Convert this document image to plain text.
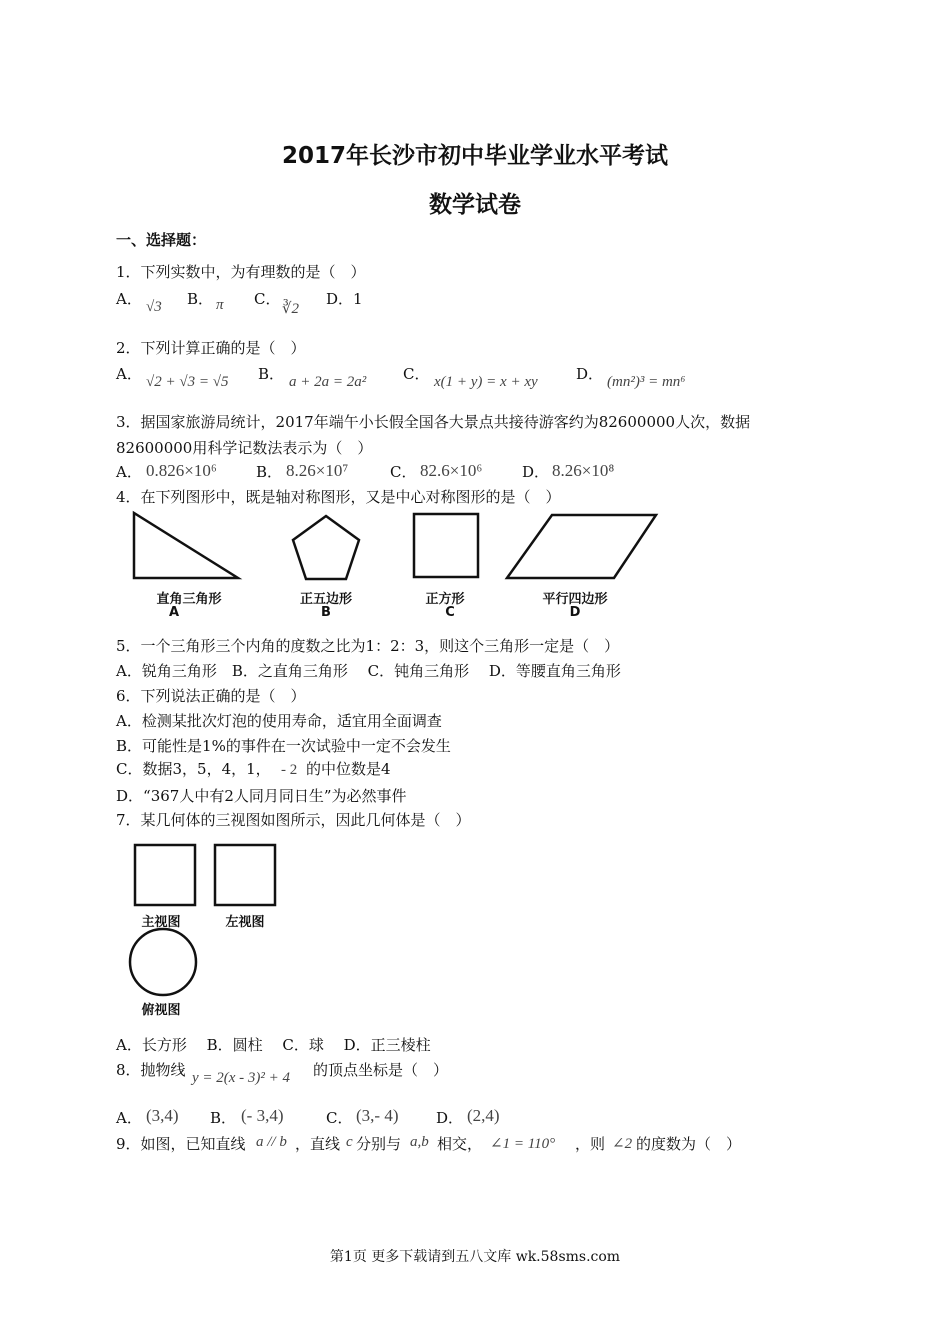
2017年长沙市初中毕业学业水平考试
数学试卷
一、选择题：
1．下列实数中，为有理数的是（　）
A． √3 B． π C．
∛2
D．1
2．下列计算正确的是（　）
A． √2 + √3 = √5 B． a + 2a = 2a² C． x(1 + y) = x + xy	D． (mn²)³ = mn⁶
3．据国家旅游局统计，2017年端午小长假全国各大景点共接待游客约为82600000人次，数据
82600000用科学记数法表示为（　）
A． 0.826×10⁶	B． 8.26×10⁷	C． 82.6×10⁶	D． 8.26×10⁸
4．在下列图形中，既是轴对称图形，又是中心对称图形的是（　）
直角三角形
A
正五边形
B
正方形
C
平行四边形
D
5．一个三角形三个内角的度数之比为1：2：3，则这个三角形一定是（　）
A．锐角三角形　B．之直角三角形　 C．钝角三角形　 D．等腰直角三角形
6．下列说法正确的是（　）
A．检测某批次灯泡的使用寿命，适宜用全面调查
B．可能性是1%的事件在一次试验中一定不会发生
C．数据3，5，4，1， - 2 的中位数是4
D．“367人中有2人同月同日生”为必然事件
7．某几何体的三视图如图所示，因此几何体是（　）
主视图	左视图
俯视图
A．长方形　 B．圆柱　 C．球　 D．正三棱柱
8．抛物线 y = 2(x - 3)² + 4 的顶点坐标是（　）
A． (3,4) B． (- 3,4)	C． (3,- 4)	D． (2,4)
9．如图，已知直线 a // b ，直线 c 分别与 a,b 相交， ∠1 = 110° ，则 ∠2 的度数为（　）
第1页 更多下载请到五八文库 wk.58sms.com
